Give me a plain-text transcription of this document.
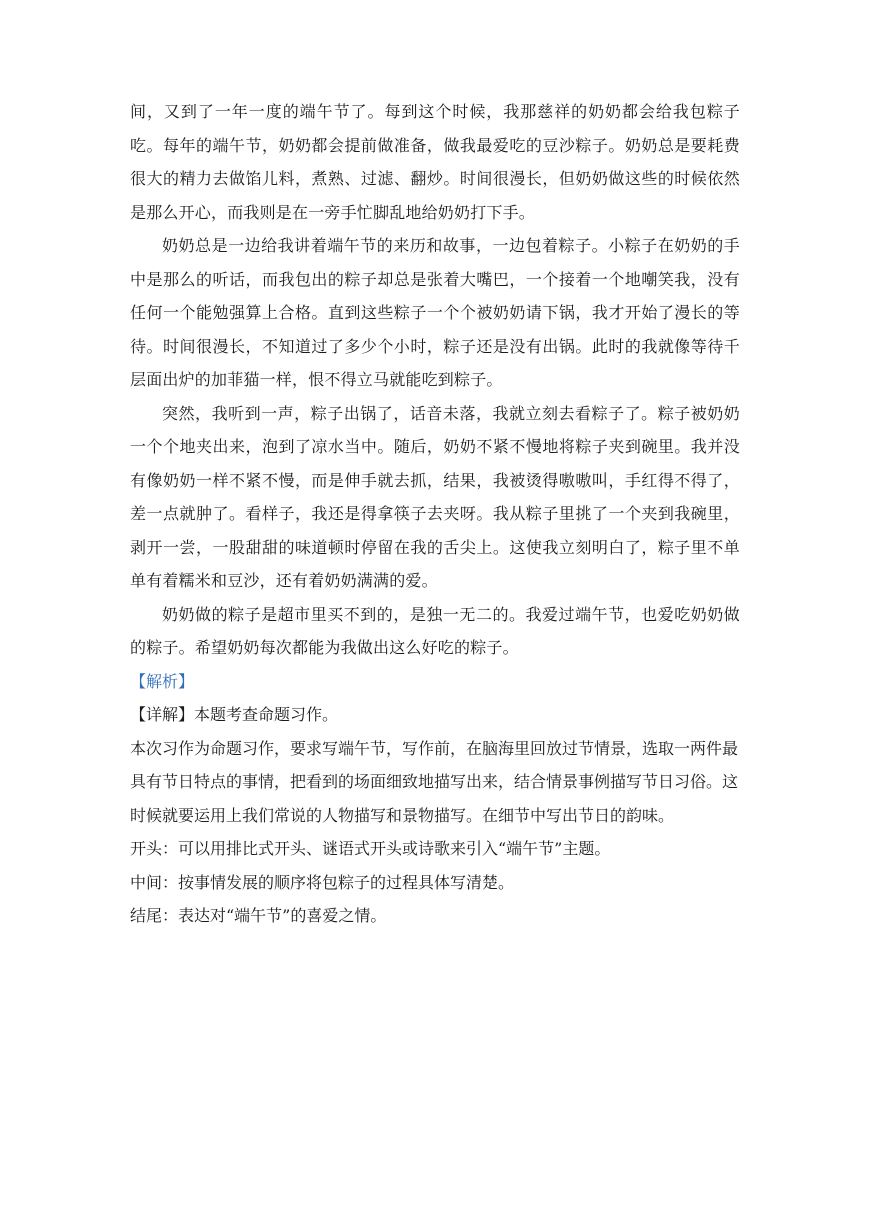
间，又到了一年一度的端午节了。每到这个时候，我那慈祥的奶奶都会给我包粽子吃。每年的端午节，奶奶都会提前做准备，做我最爱吃的豆沙粽子。奶奶总是要耗费很大的精力去做馅儿料，煮熟、过滤、翻炒。时间很漫长，但奶奶做这些的时候依然是那么开心，而我则是在一旁手忙脚乱地给奶奶打下手。

奶奶总是一边给我讲着端午节的来历和故事，一边包着粽子。小粽子在奶奶的手中是那么的听话，而我包出的粽子却总是张着大嘴巴，一个接着一个地嘲笑我，没有任何一个能勉强算上合格。直到这些粽子一个个被奶奶请下锅，我才开始了漫长的等待。时间很漫长，不知道过了多少个小时，粽子还是没有出锅。此时的我就像等待千层面出炉的加菲猫一样，恨不得立马就能吃到粽子。

突然，我听到一声，粽子出锅了，话音未落，我就立刻去看粽子了。粽子被奶奶一个个地夹出来，泡到了凉水当中。随后，奶奶不紧不慢地将粽子夹到碗里。我并没有像奶奶一样不紧不慢，而是伸手就去抓，结果，我被烫得嗷嗷叫，手红得不得了，差一点就肿了。看样子，我还是得拿筷子去夹呀。我从粽子里挑了一个夹到我碗里，剥开一尝，一股甜甜的味道顿时停留在我的舌尖上。这使我立刻明白了，粽子里不单单有着糯米和豆沙，还有着奶奶满满的爱。

奶奶做的粽子是超市里买不到的，是独一无二的。我爱过端午节，也爱吃奶奶做的粽子。希望奶奶每次都能为我做出这么好吃的粽子。

【解析】

【详解】本题考查命题习作。

本次习作为命题习作，要求写端午节，写作前，在脑海里回放过节情景，选取一两件最具有节日特点的事情，把看到的场面细致地描写出来，结合情景事例描写节日习俗。这时候就要运用上我们常说的人物描写和景物描写。在细节中写出节日的韵味。

开头：可以用排比式开头、谜语式开头或诗歌来引入“端午节”主题。

中间：按事情发展的顺序将包粽子的过程具体写清楚。

结尾：表达对“端午节”的喜爱之情。
